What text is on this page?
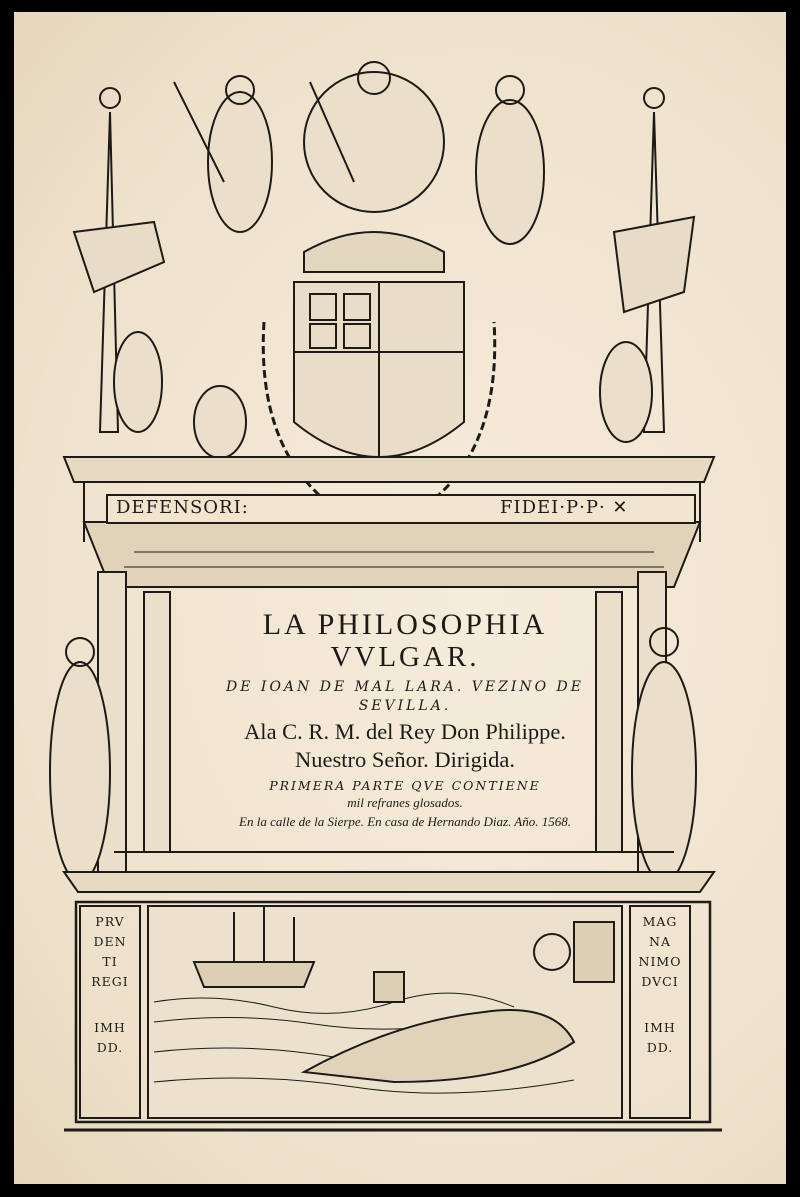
DEFENSORI:	FIDEI·P·P· ✕
LA PHILOSOPHIA
VVLGAR.
DE IOAN DE MAL LARA. VEZINO DE SEVILLA.
Ala C. R. M. del Rey Don Philippe.
Nuestro Señor. Dirigida.
PRIMERA PARTE QVE CONTIENE
mil refranes glosados.
En la calle de la Sierpe. En casa de Hernando Diaz. Año. 1568.
PRV
DEN
TI
REGI
IMH
DD.
MAG
NA
NIMO
DVCI
IMH
DD.
